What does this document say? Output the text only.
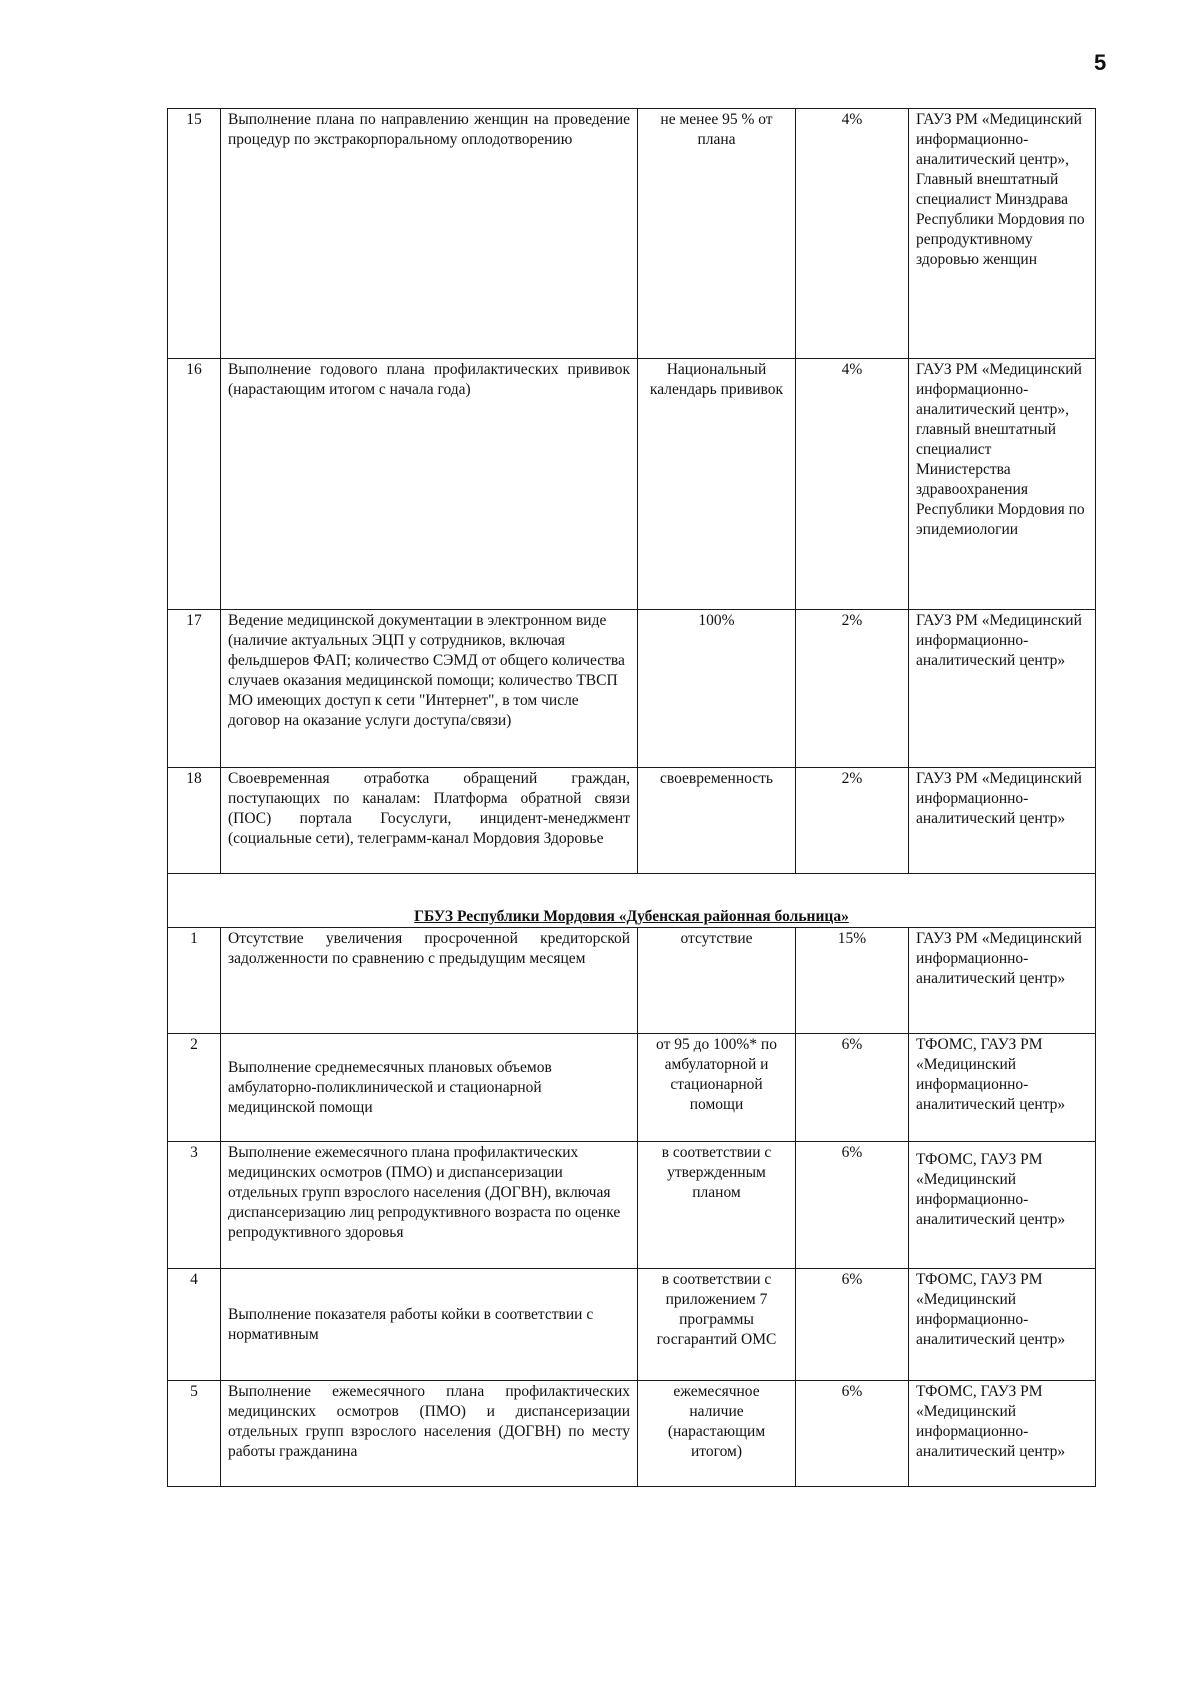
5
15	Выполнение плана по направлению женщин на проведение процедур по экстракорпоральному оплодотворению	не менее 95 % от плана	4%	ГАУЗ РМ «Медицинский информационно-аналитический центр», Главный внештатный специалист Минздрава Республики Мордовия по репродуктивному здоровью женщин
16	Выполнение годового плана профилактических прививок (нарастающим итогом с начала года)	Национальный календарь прививок	4%	ГАУЗ РМ «Медицинский информационно-аналитический центр», главный внештатный специалист Министерства здравоохранения Республики Мордовия по эпидемиологии
17	Ведение медицинской документации в электронном виде (наличие актуальных ЭЦП у сотрудников, включая фельдшеров ФАП; количество СЭМД от общего количества случаев оказания медицинской помощи; количество ТВСП МО имеющих доступ к сети "Интернет", в том числе договор на оказание услуги доступа/связи)	100%	2%	ГАУЗ РМ «Медицинский информационно-аналитический центр»
18	Своевременная отработка обращений граждан, поступающих по каналам: Платформа обратной связи (ПОС) портала Госуслуги, инцидент-менеджмент (социальные сети), телеграмм-канал Мордовия Здоровье	своевременность	2%	ГАУЗ РМ «Медицинский информационно-аналитический центр»
ГБУЗ Республики Мордовия «Дубенская районная больница»				
1	Отсутствие увеличения просроченной кредиторской задолженности по сравнению с предыдущим месяцем	отсутствие	15%	ГАУЗ РМ «Медицинский информационно-аналитический центр»
2	Выполнение среднемесячных плановых объемов амбулаторно-поликлинической и стационарной медицинской помощи	от 95 до 100%* по амбулаторной и стационарной помощи	6%	ТФОМС, ГАУЗ РМ «Медицинский информационно-аналитический центр»
3	Выполнение ежемесячного плана профилактических медицинских осмотров (ПМО) и диспансеризации отдельных групп взрослого населения (ДОГВН), включая диспансеризацию лиц репродуктивного возраста по оценке репродуктивного здоровья	в соответствии с утвержденным планом	6%	ТФОМС, ГАУЗ РМ «Медицинский информационно-аналитический центр»
4	Выполнение показателя работы койки в соответствии с нормативным	в соответствии с приложением 7 программы госгарантий ОМС	6%	ТФОМС, ГАУЗ РМ «Медицинский информационно-аналитический центр»
5	Выполнение ежемесячного плана профилактических медицинских осмотров (ПМО) и диспансеризации отдельных групп взрослого населения (ДОГВН) по месту работы гражданина	ежемесячное наличие (нарастающим итогом)	6%	ТФОМС, ГАУЗ РМ «Медицинский информационно-аналитический центр»
